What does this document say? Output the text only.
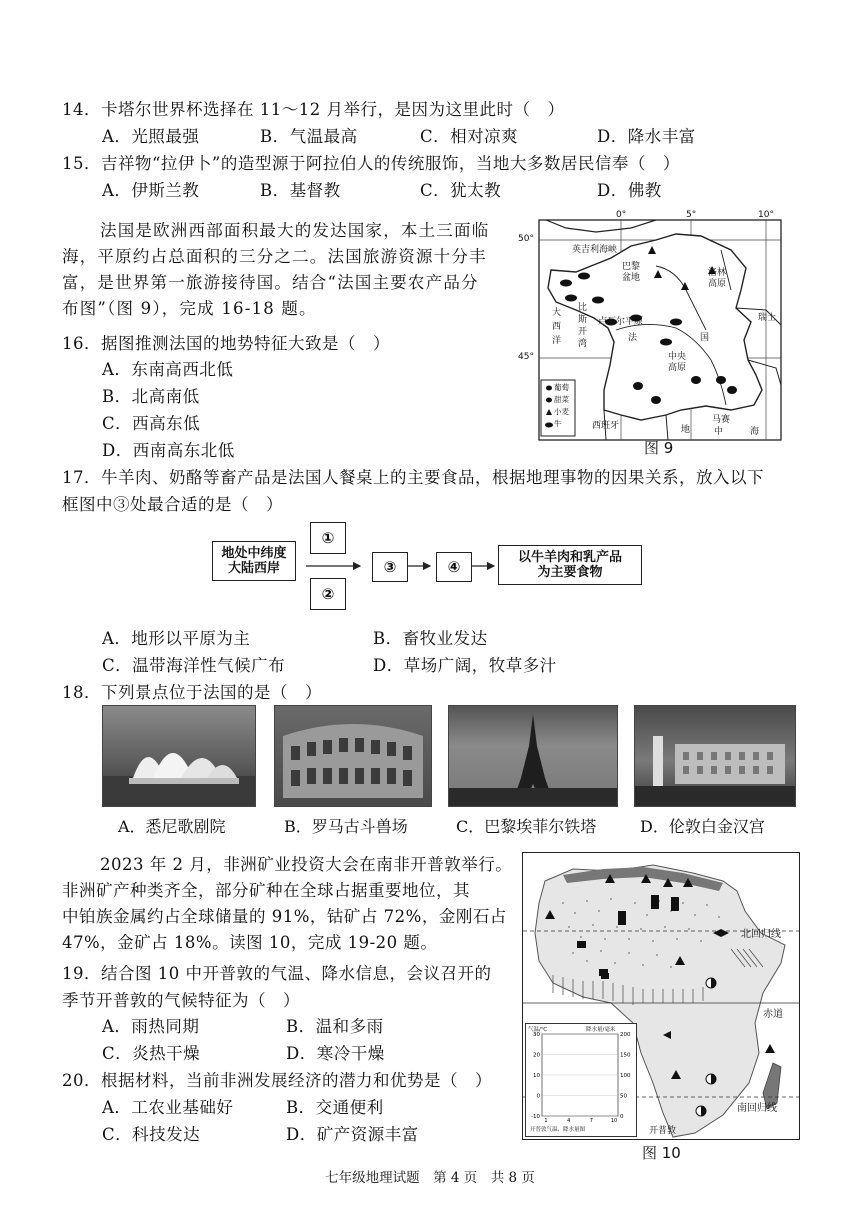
14．卡塔尔世界杯选择在 11～12 月举行，是因为这里此时（　）
A．光照最强	B．气温最高	C．相对凉爽	D．降水丰富
15．吉祥物“拉伊卜”的造型源于阿拉伯人的传统服饰，当地大多数居民信奉（　）
A．伊斯兰教	B．基督教	C．犹太教	D．佛教
法国是欧洲西部面积最大的发达国家，本土三面临
海，平原约占总面积的三分之二。法国旅游资源十分丰
富，是世界第一旅游接待国。结合“法国主要农产品分
布图”（图 9），完成 16-18 题。
16．据图推测法国的地势特征大致是（　）
A．东南高西北低
B．北高南低
C．西高东低
D．西南高东北低
0°	5°	10°
50°
45°
英吉利海峡
巴黎
盆地	洛林
高原
瑞士
大
西
洋
比
斯
开
湾
卢瓦尔平原
法	国
中央
高原
马赛
西班牙	地	中	海
葡萄
甜菜
小麦
牛
图 9
17．牛羊肉、奶酪等畜产品是法国人餐桌上的主要食品，根据地理事物的因果关系，放入以下
框图中③处最合适的是（　）
地处中纬度
大陆西岸
①
②
③	④	以牛羊肉和乳产品
为主要食物
A．地形以平原为主	B．畜牧业发达
C．温带海洋性气候广布	D．草场广阔，牧草多汁
18．下列景点位于法国的是（　）
A．悉尼歌剧院	B．罗马古斗兽场	C．巴黎埃菲尔铁塔	D．伦敦白金汉宫
2023 年 2 月，非洲矿业投资大会在南非开普敦举行。
非洲矿产种类齐全，部分矿种在全球占据重要地位，其
中铂族金属约占全球储量的 91%，钴矿占 72%，金刚石占
47%，金矿占 18%。读图 10，完成 19-20 题。
19．结合图 10 中开普敦的气温、降水信息，会议召开的
季节开普敦的气候特征为（　）
A．雨热同期	B．温和多雨
C．炎热干燥	D．寒冷干燥
20．根据材料，当前非洲发展经济的潜力和优势是（　）
A．工农业基础好	B．交通便利
C．科技发达	D．矿产资源丰富
北回归线
赤道
南回归线
30
20
10
0
-10
200
150
100
50
0
1	4	7	10
气温/℃	降水量/毫米
开普敦气温、降水量图	开普敦
图 10
七年级地理试题　第 4 页　共 8 页
